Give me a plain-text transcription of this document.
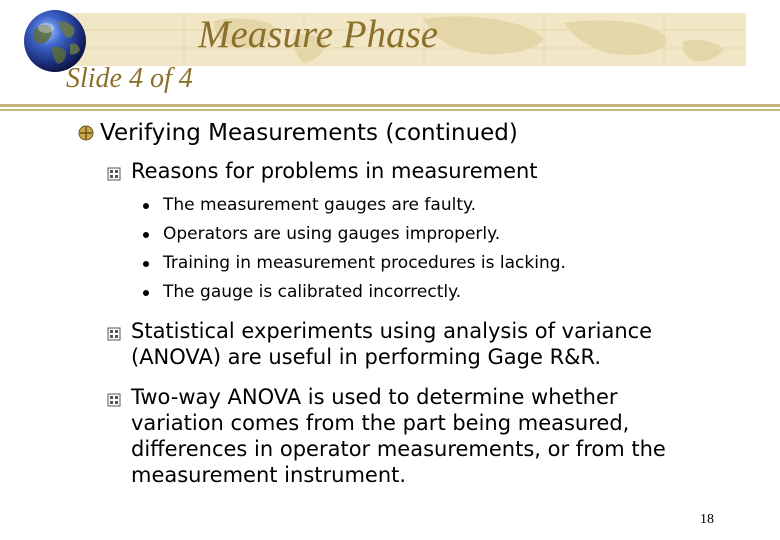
Measure Phase
Slide 4 of 4
Verifying Measurements (continued)
Reasons for problems in measurement
The measurement gauges are faulty.
Operators are using gauges improperly.
Training in measurement procedures is lacking.
The gauge is calibrated incorrectly.
Statistical experiments using analysis of variance (ANOVA) are useful in performing Gage R&R.
Two-way ANOVA is used to determine whether variation comes from the part being measured, differences in operator measurements, or from the measurement instrument.
18
